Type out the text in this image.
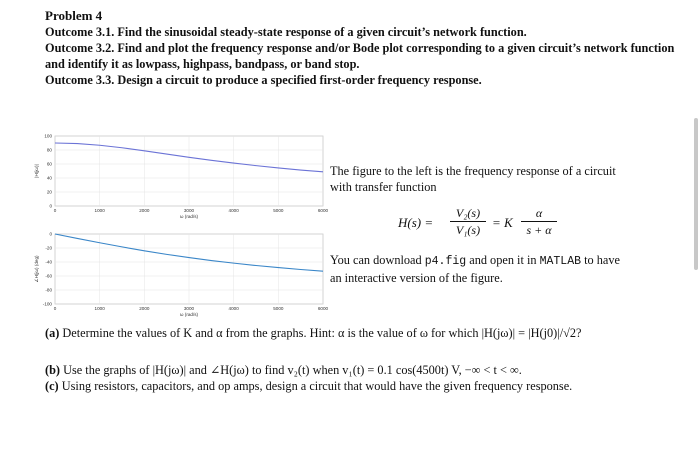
Problem 4
Outcome 3.1. Find the sinusoidal steady-state response of a given circuit’s network function.
Outcome 3.2. Find and plot the frequency response and/or Bode plot corresponding to a given circuit’s network function and identify it as lowpass, highpass, bandpass, or band stop.
Outcome 3.3. Design a circuit to produce a specified first-order frequency response.
0	1000	2000	3000	4000	5000	6000
0
20
40
60
80
100
ω (rad/s)
|H(jω)|
0	1000	2000	3000	4000	5000	6000
-100
-80
-60
-40
-20
0
ω (rad/s)
∠H(jω) (deg)
The figure to the left is the frequency response of a circuit with transfer function
H(s) =
V₂(s)
V₁(s) = K
α
s + α
You can download p4.fig and open it in MATLAB to have an interactive version of the figure.
(a) Determine the values of K and α from the graphs. Hint: α is the value of ω for which |H(jω)| = |H(j0)|/√2?
(b) Use the graphs of |H(jω)| and ∠H(jω) to find v₂(t) when v₁(t) = 0.1 cos(4500t) V, −∞ < t < ∞.
(c) Using resistors, capacitors, and op amps, design a circuit that would have the given frequency response.
